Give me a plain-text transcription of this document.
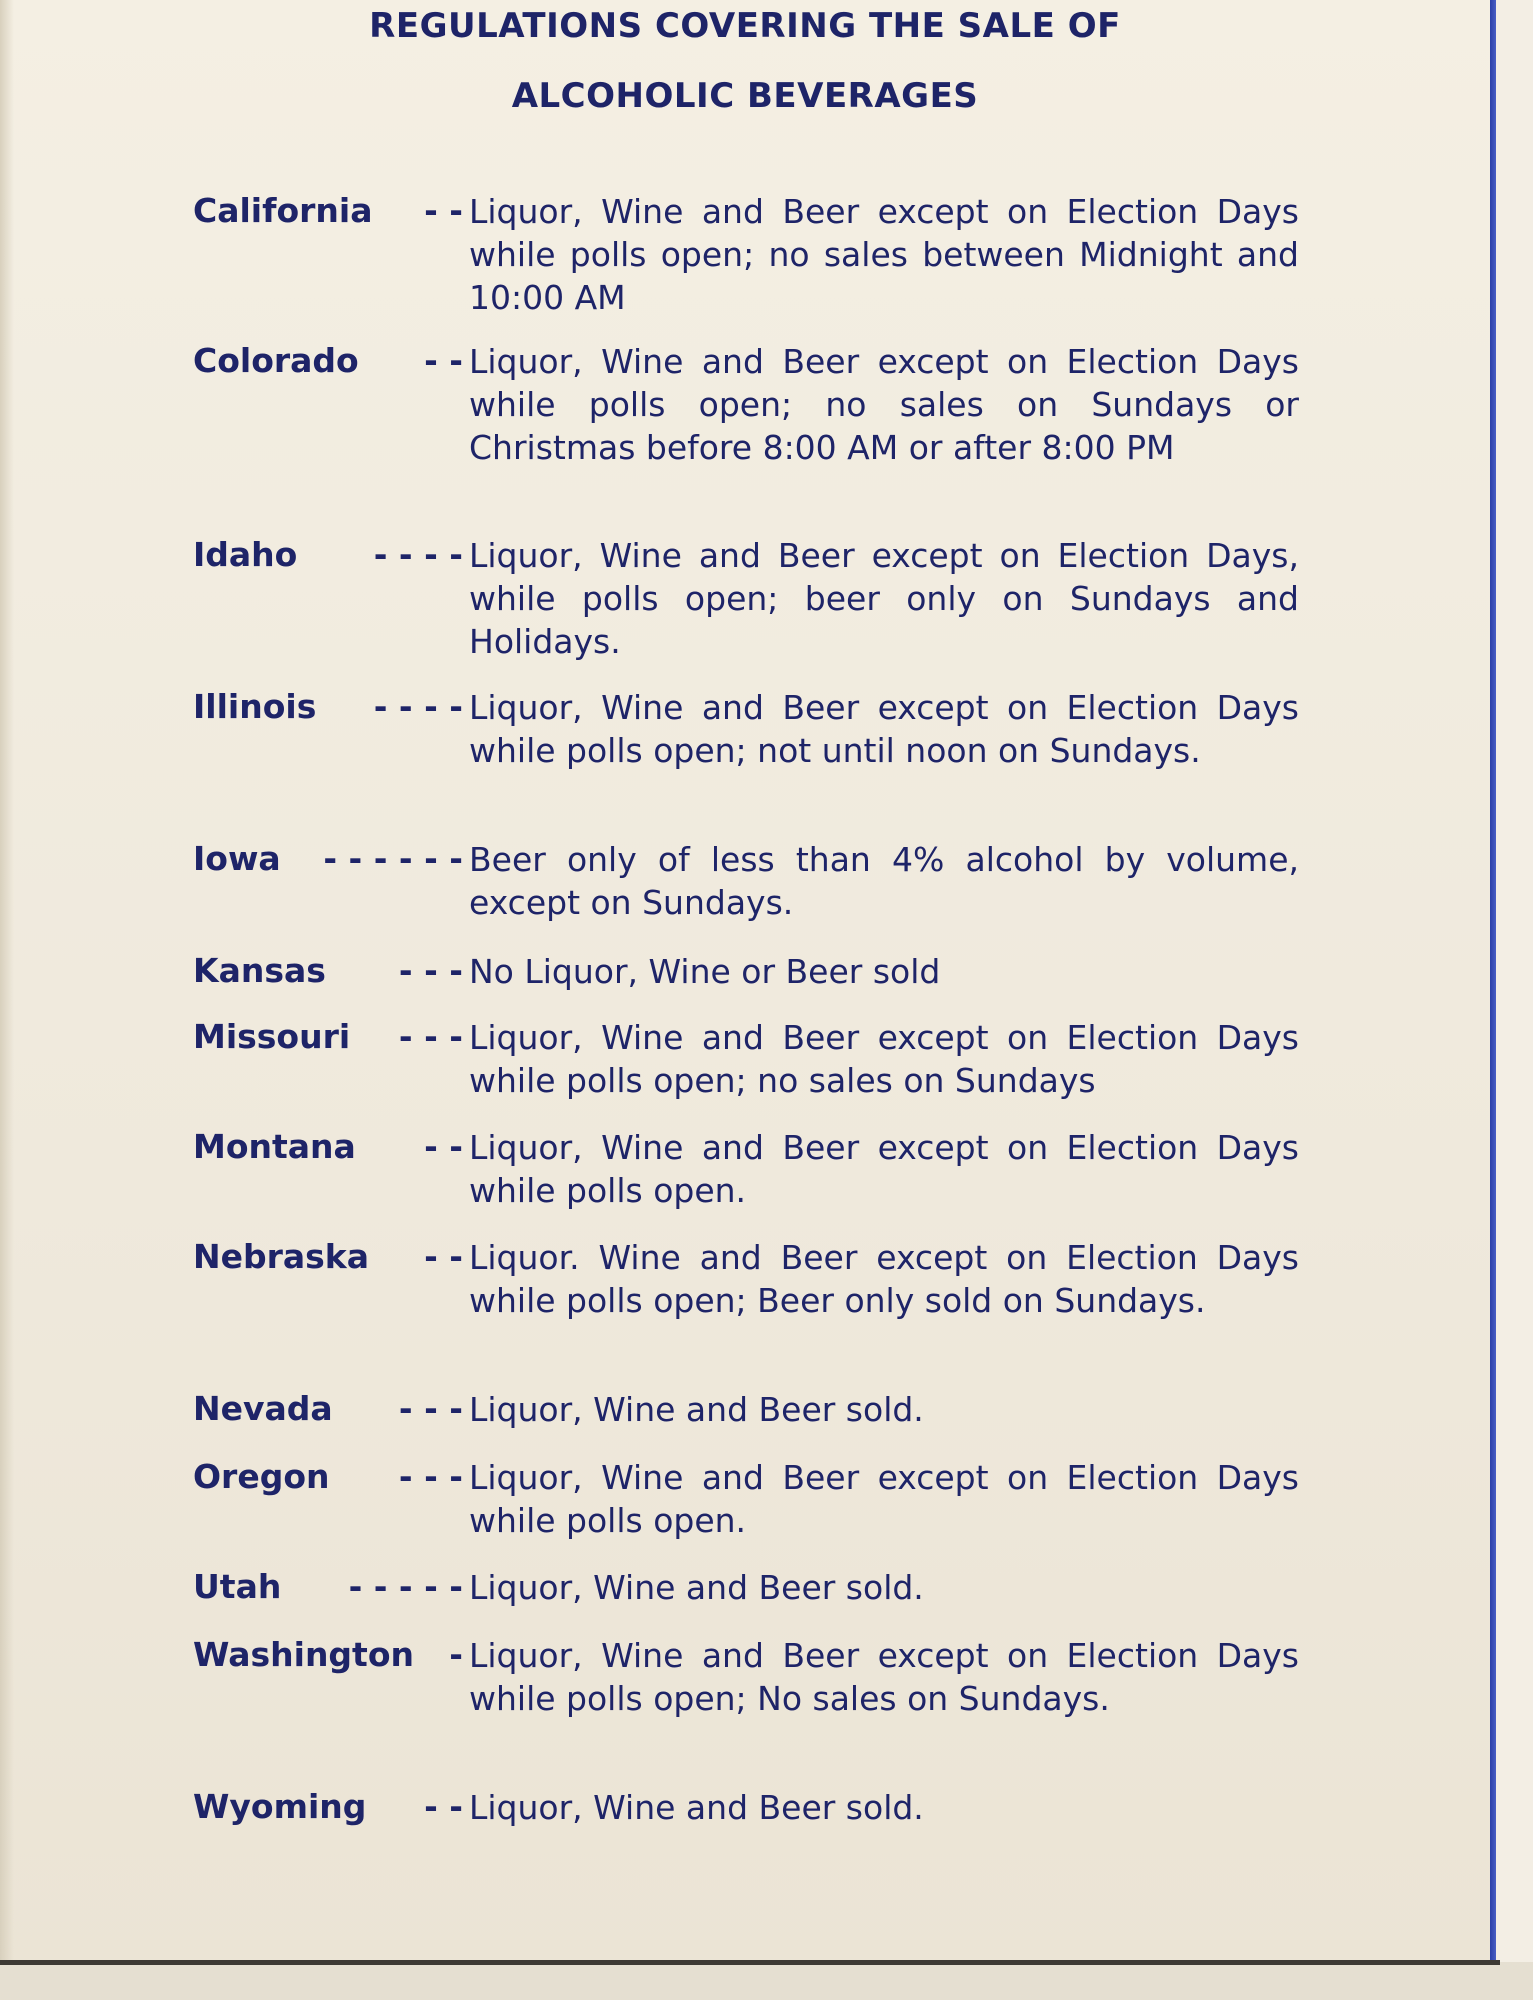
REGULATIONS COVERING THE SALE OF
ALCOHOLIC BEVERAGES
California	- - Liquor, Wine and Beer except on Election Days while polls open; no sales between Midnight and 10:00 AM
Colorado	- - Liquor, Wine and Beer except on Election Days while polls open; no sales on Sundays or Christmas before 8:00 AM or after 8:00 PM
Idaho	- - - - Liquor, Wine and Beer except on Election Days, while polls open; beer only on Sundays and Holidays.
Illinois	- - - - Liquor, Wine and Beer except on Election Days while polls open; not until noon on Sundays.
Iowa	- - - - - - Beer only of less than 4% alcohol by volume, except on Sundays.
Kansas	- - - No Liquor, Wine or Beer sold
Missouri	- - - Liquor, Wine and Beer except on Election Days while polls open; no sales on Sundays
Montana	- - Liquor, Wine and Beer except on Election Days while polls open.
Nebraska	- - Liquor. Wine and Beer except on Election Days while polls open; Beer only sold on Sundays.
Nevada	- - - Liquor, Wine and Beer sold.
Oregon	- - - Liquor, Wine and Beer except on Election Days while polls open.
Utah	- - - - - Liquor, Wine and Beer sold.
Washington	- Liquor, Wine and Beer except on Election Days while polls open; No sales on Sundays.
Wyoming	- - Liquor, Wine and Beer sold.
